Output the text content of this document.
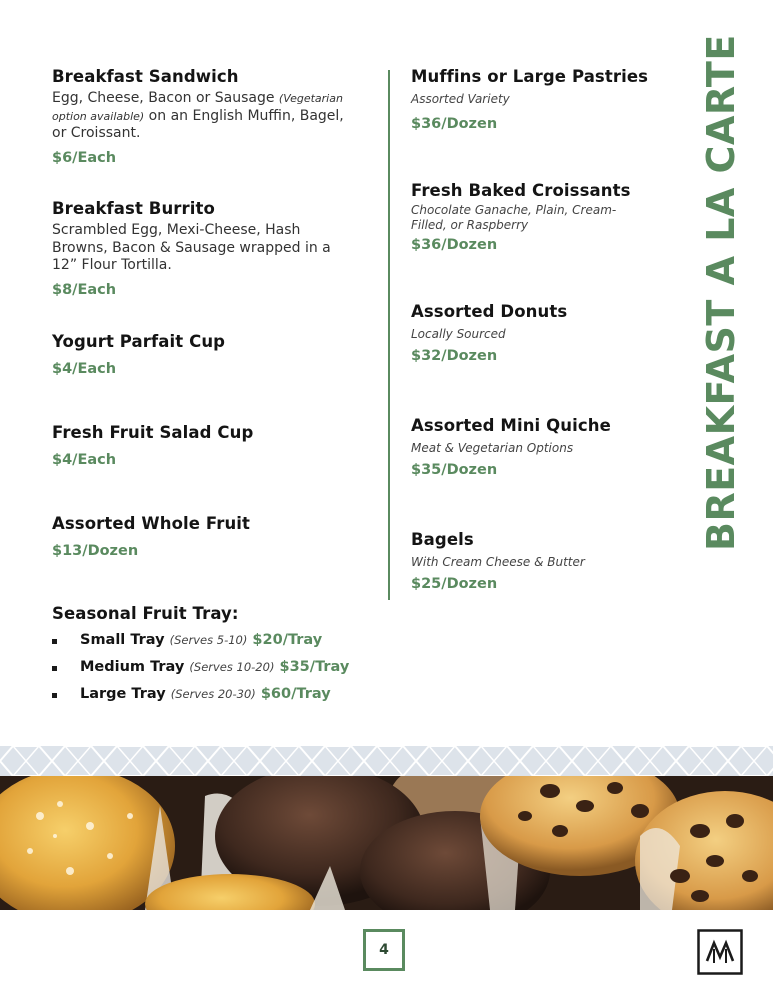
Breakfast Sandwich
Egg, Cheese, Bacon or Sausage (Vegetarian option available) on an English Muffin, Bagel, or Croissant.
$6/Each
Breakfast Burrito
Scrambled Egg, Mexi-Cheese, Hash Browns, Bacon & Sausage wrapped in a 12” Flour Tortilla.
$8/Each
Yogurt Parfait Cup
$4/Each
Fresh Fruit Salad Cup
$4/Each
Assorted Whole Fruit
$13/Dozen
Seasonal Fruit Tray:
Small Tray (Serves 5-10) $20/Tray
Medium Tray (Serves 10-20) $35/Tray
Large Tray (Serves 20-30) $60/Tray
Muffins or Large Pastries
Assorted Variety
$36/Dozen
Fresh Baked Croissants
Chocolate Ganache, Plain, Cream-Filled, or Raspberry
$36/Dozen
Assorted Donuts
Locally Sourced
$32/Dozen
Assorted Mini Quiche
Meat & Vegetarian Options
$35/Dozen
Bagels
With Cream Cheese & Butter
$25/Dozen
BREAKFAST A LA CARTE
4
